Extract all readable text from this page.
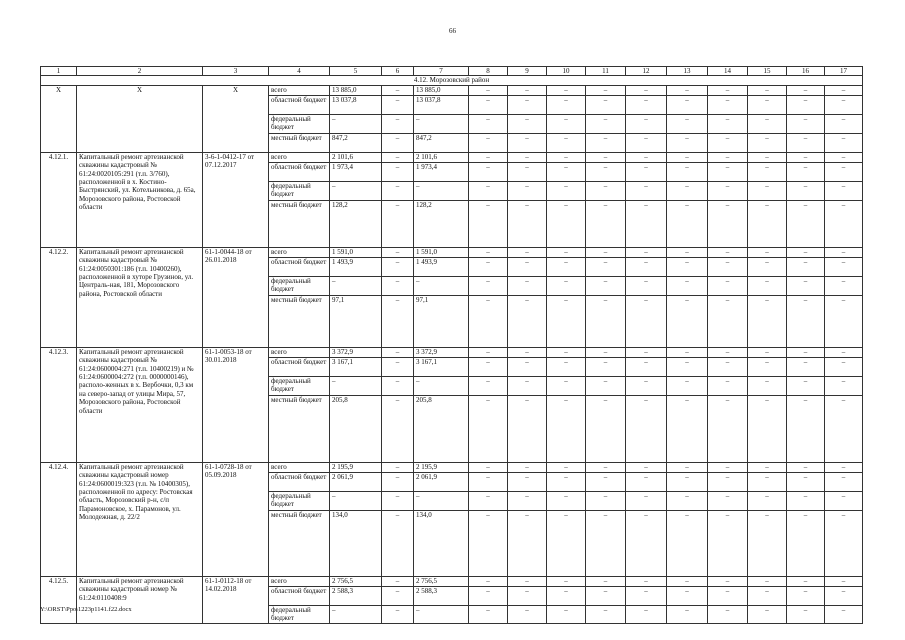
66
1	2	3	4	5	6	7	8	9	10	11	12	13	14	15	16	17
4.12. Морозовский район																
Х	Х	Х	всего	13 885,0	–	13 885,0	–	–	–	–	–	–	–	–	–	–
			областной бюджет	13 037,8	–	13 037,8	–	–	–	–	–	–	–	–	–	–
			федеральный бюджет	–	–	–	–	–	–	–	–	–	–	–	–	–
			местный бюджет	847,2	–	847,2	–	–	–	–	–	–	–	–	–	–
4.12.1.	Капитальный ремонт артезианской скважины кадастровый № 61:24:0020105:291 (т.п. 3/760), расположенной в х. Костино-Быстрянский, ул. Котельникова, д. 65а, Морозовского района, Ростовской области	3-6-1-0412-17 от 07.12.2017	всего	2 101,6	–	2 101,6	–	–	–	–	–	–	–	–	–	–
			областной бюджет	1 973,4	–	1 973,4	–	–	–	–	–	–	–	–	–	–
			федеральный бюджет	–	–	–	–	–	–	–	–	–	–	–	–	–
			местный бюджет	128,2	–	128,2	–	–	–	–	–	–	–	–	–	–
4.12.2.	Капитальный ремонт артезианской скважины кадастровый № 61:24:0050301:186 (т.п. 10400260), расположенной в хуторе Грузинов, ул. Централь-ная, 181, Морозовского района, Ростовской области	61-1-0044-18 от 26.01.2018	всего	1 591,0	–	1 591,0	–	–	–	–	–	–	–	–	–	–
			областной бюджет	1 493,9	–	1 493,9	–	–	–	–	–	–	–	–	–	–
			федеральный бюджет	–	–	–	–	–	–	–	–	–	–	–	–	–
			местный бюджет	97,1	–	97,1	–	–	–	–	–	–	–	–	–	–
4.12.3.	Капитальный ремонт артезианской скважины кадастровый № 61:24:0600004:271 (т.п. 10400219) и № 61:24:0600004:272 (т.п. 0000000146), располо-женных в х. Вербочки, 0,3 км на северо-запад от улицы Мира, 57, Морозовского района, Ростовской области	61-1-0053-18 от 30.01.2018	всего	3 372,9	–	3 372,9	–	–	–	–	–	–	–	–	–	–
			областной бюджет	3 167,1	–	3 167,1	–	–	–	–	–	–	–	–	–	–
			федеральный бюджет	–	–	–	–	–	–	–	–	–	–	–	–	–
			местный бюджет	205,8	–	205,8	–	–	–	–	–	–	–	–	–	–
4.12.4.	Капитальный ремонт артезианской скважины кадастровый номер 61:24:0600019:323 (т.п. № 10400305), расположенной по адресу: Ростовская область, Морозовский р-н, с/п Парамоновское, х. Парамонов, ул. Молодежная, д. 22/2	61-1-0728-18 от 05.09.2018	всего	2 195,9	–	2 195,9	–	–	–	–	–	–	–	–	–	–
			областной бюджет	2 061,9	–	2 061,9	–	–	–	–	–	–	–	–	–	–
			федеральный бюджет	–	–	–	–	–	–	–	–	–	–	–	–	–
			местный бюджет	134,0	–	134,0	–	–	–	–	–	–	–	–	–	–
4.12.5.	Капитальный ремонт артезианской скважины кадастровый номер № 61:24:0110408:9	61-1-0112-18 от 14.02.2018	всего	2 756,5	–	2 756,5	–	–	–	–	–	–	–	–	–	–
			областной бюджет	2 588,3	–	2 588,3	–	–	–	–	–	–	–	–	–	–
			федеральный бюджет	–	–	–	–	–	–	–	–	–	–	–	–	–
Y:\ORST\Ppo\1223p1141.f22.docx
